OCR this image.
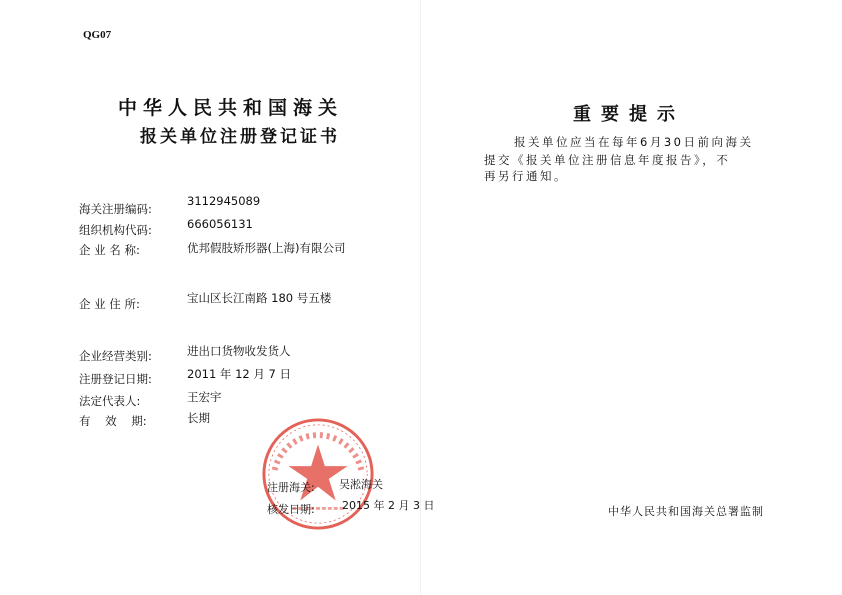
QG07
中华人民共和国海关
报关单位注册登记证书
海关注册编码:
3112945089
组织机构代码:	666056131
企 业 名 称:	优邦假肢矫形器(上海)有限公司
企 业 住 所:	宝山区长江南路 180 号五楼
企业经营类别:	进出口货物收发货人
注册登记日期:	2011 年 12 月 7 日
法定代表人:	王宏宇
有    效    期:	长期
注册海关: 吴淞海关
核发日期: 2015 年 2 月 3 日
重要提示
报关单位应当在每年6月30日前向海关
提交《报关单位注册信息年度报告》，不
再另行通知。
中华人民共和国海关总署监制
